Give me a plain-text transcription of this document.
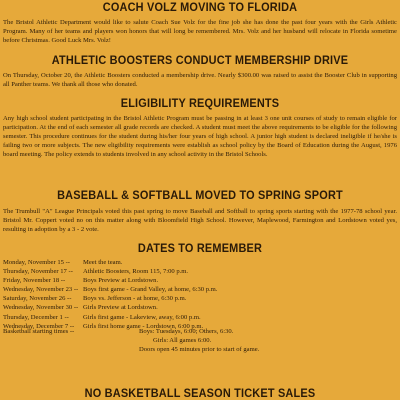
COACH VOLZ MOVING TO FLORIDA

The Bristol Athletic Department would like to salute Coach Sue Volz for the fine job she has done the past four years with the Girls Athletic Program. Many of her teams and players won honors that will long be remembered. Mrs. Volz and her husband will relocate in Florida sometime before Christmas. Good Luck Mrs. Volz!

ATHLETIC BOOSTERS CONDUCT MEMBERSHIP DRIVE

On Thursday, October 20, the Athletic Boosters conducted a membership drive. Nearly $300.00 was raised to assist the Booster Club in supporting all Panther teams. We thank all those who donated.

ELIGIBILITY REQUIREMENTS

Any high school student participating in the Bristol Athletic Program must be passing in at least 3 one unit courses of study to remain eligible for participation. At the end of each semester all grade records are checked. A student must meet the above requirements to be eligible for the following semester. This procedure continues for the student during his/her four years of high school. A junior high student is declared ineligible if he/she is failing two or more subjects. The new eligibility requirements were establish as school policy by the Board of Education during the August, 1976 board meeting. The policy extends to students involved in any school activity in the Bristol Schools.

BASEBALL & SOFTBALL MOVED TO SPRING SPORT

The Trumbull "A" League Principals voted this past spring to move Baseball and Softball to spring sports starting with the 1977-78 school year. Bristol Mr. Coppert voted no on this matter along with Bloomfield High School. However, Maplewood, Farmington and Lordstown voted yes, resulting in adoption by a 3 - 2 vote.

DATES TO REMEMBER
Monday, November 15 --	Meet the team.
Thursday, November 17 --	Athletic Boosters, Room 115, 7:00 p.m.
Friday, November 18 --	Boys Preview at Lordstown.
Wednesday, November 23 -- Boys first game - Grand Valley, at home, 6:30 p.m.
Saturday, November 26 --	Boys vs. Jefferson - at home, 6:30 p.m.
Wednesday, November 30 -- Girls Preview at Lordstown.
Thursday, December 1 --	Girls first game - Lakeview, away, 6:00 p.m.
Wednesday, December 7 --	Girls first home game - Lordstown, 6:00 p.m.
Basketball starting times --	Boys: Tuesdays, 6:00; Others, 6:30.
Girls: All games 6:00.
Doors open 45 minutes prior to start of game.
NO BASKETBALL SEASON TICKET SALES
